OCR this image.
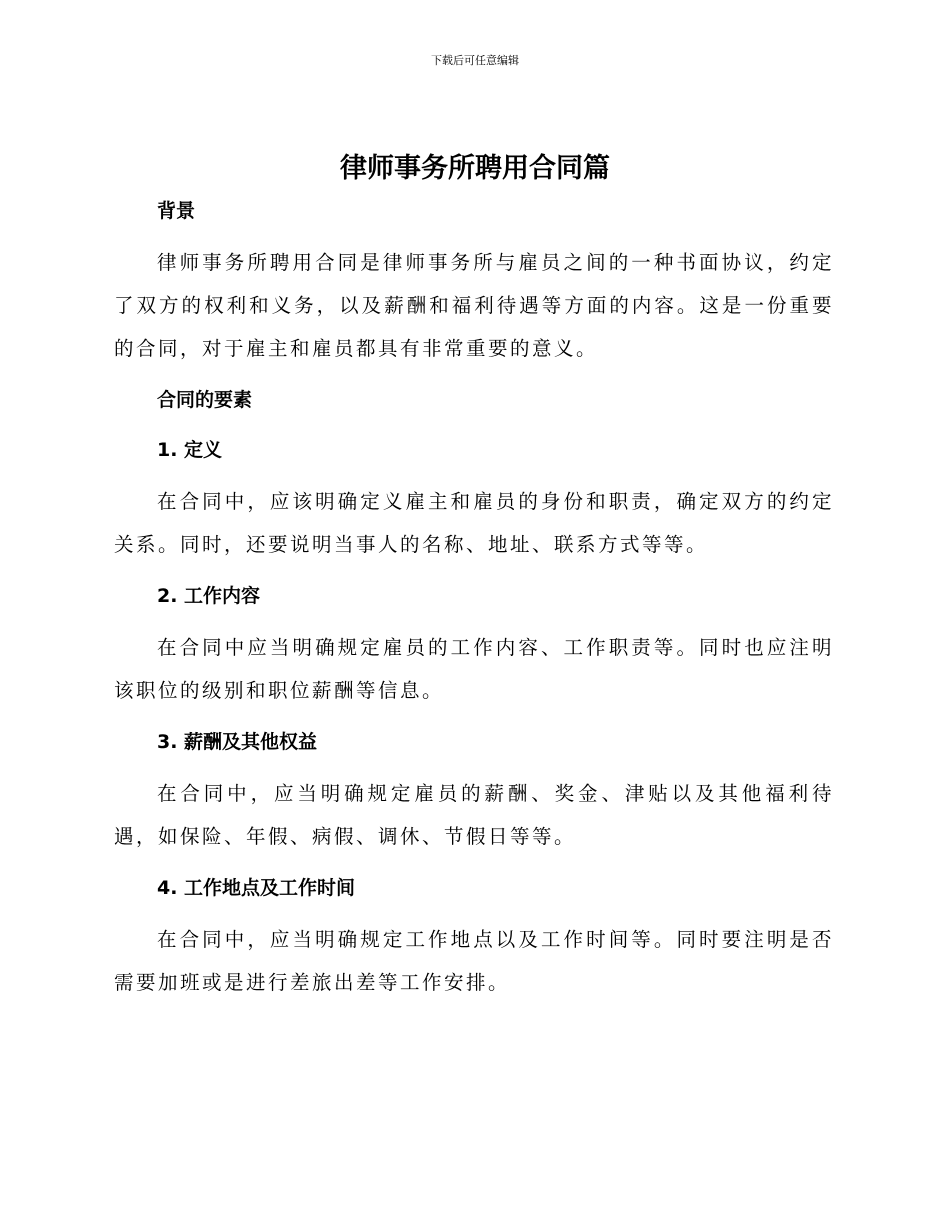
下载后可任意编辑
律师事务所聘用合同篇
背景
律师事务所聘用合同是律师事务所与雇员之间的一种书面协议，约定了双方的权利和义务，以及薪酬和福利待遇等方面的内容。这是一份重要的合同，对于雇主和雇员都具有非常重要的意义。
合同的要素
1. 定义
在合同中，应该明确定义雇主和雇员的身份和职责，确定双方的约定关系。同时，还要说明当事人的名称、地址、联系方式等等。
2. 工作内容
在合同中应当明确规定雇员的工作内容、工作职责等。同时也应注明该职位的级别和职位薪酬等信息。
3. 薪酬及其他权益
在合同中，应当明确规定雇员的薪酬、奖金、津贴以及其他福利待遇，如保险、年假、病假、调休、节假日等等。
4. 工作地点及工作时间
在合同中，应当明确规定工作地点以及工作时间等。同时要注明是否需要加班或是进行差旅出差等工作安排。
